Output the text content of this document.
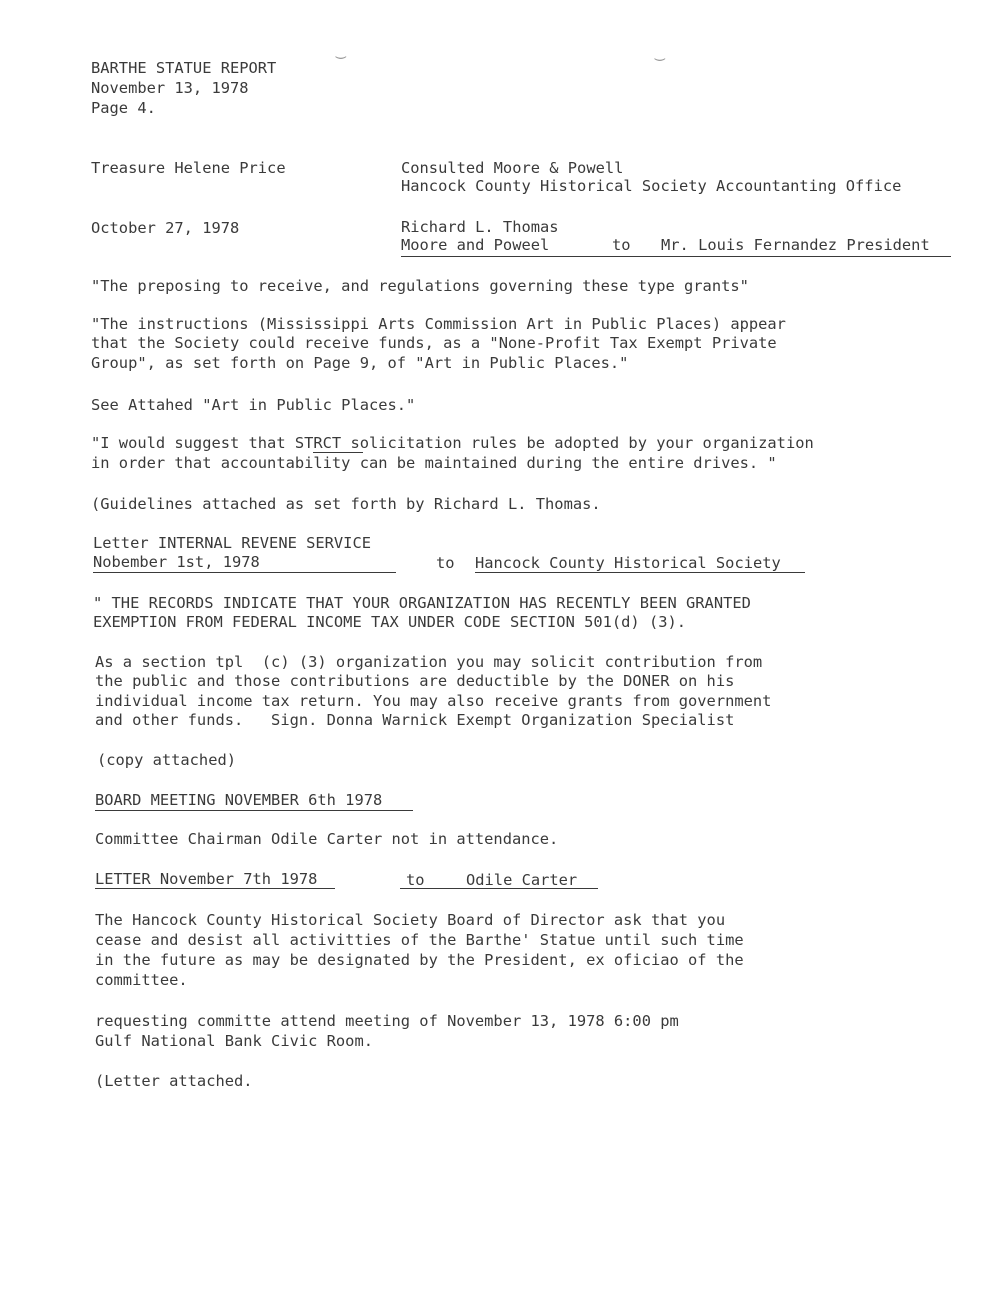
‿	‿
BARTHE STATUE REPORT
November 13, 1978
Page 4.
Treasure Helene Price	Consulted Moore & Powell
Hancock County Historical Society Accountanting Office
October 27, 1978	Richard L. Thomas
Moore and Poweel	to Mr. Louis Fernandez President
"The preposing to receive, and regulations governing these type grants"
"The instructions (Mississippi Arts Commission Art in Public Places) appear
that the Society could receive funds, as a "None-Profit Tax Exempt Private
Group", as set forth on Page 9, of "Art in Public Places."
See Attahed "Art in Public Places."
"I would suggest that STRCT solicitation rules be adopted by your organization
in order that accountability can be maintained during the entire drives. "
(Guidelines attached as set forth by Richard L. Thomas.
Letter INTERNAL REVENE SERVICE
Nobember 1st, 1978	to Hancock County Historical Society
" THE RECORDS INDICATE THAT YOUR ORGANIZATION HAS RECENTLY BEEN GRANTED
EXEMPTION FROM FEDERAL INCOME TAX UNDER CODE SECTION 501(d) (3).
As a section tpl  (c) (3) organization you may solicit contribution from
the public and those contributions are deductible by the DONER on his
individual income tax return. You may also receive grants from government
and other funds.   Sign. Donna Warnick Exempt Organization Specialist
(copy attached)
BOARD MEETING NOVEMBER 6th 1978
Committee Chairman Odile Carter not in attendance.
LETTER November 7th 1978	to	Odile Carter
The Hancock County Historical Society Board of Director ask that you
cease and desist all activitties of the Barthe' Statue until such time
in the future as may be designated by the President, ex oficiao of the
committee.
requesting committe attend meeting of November 13, 1978 6:00 pm
Gulf National Bank Civic Room.
(Letter attached.
